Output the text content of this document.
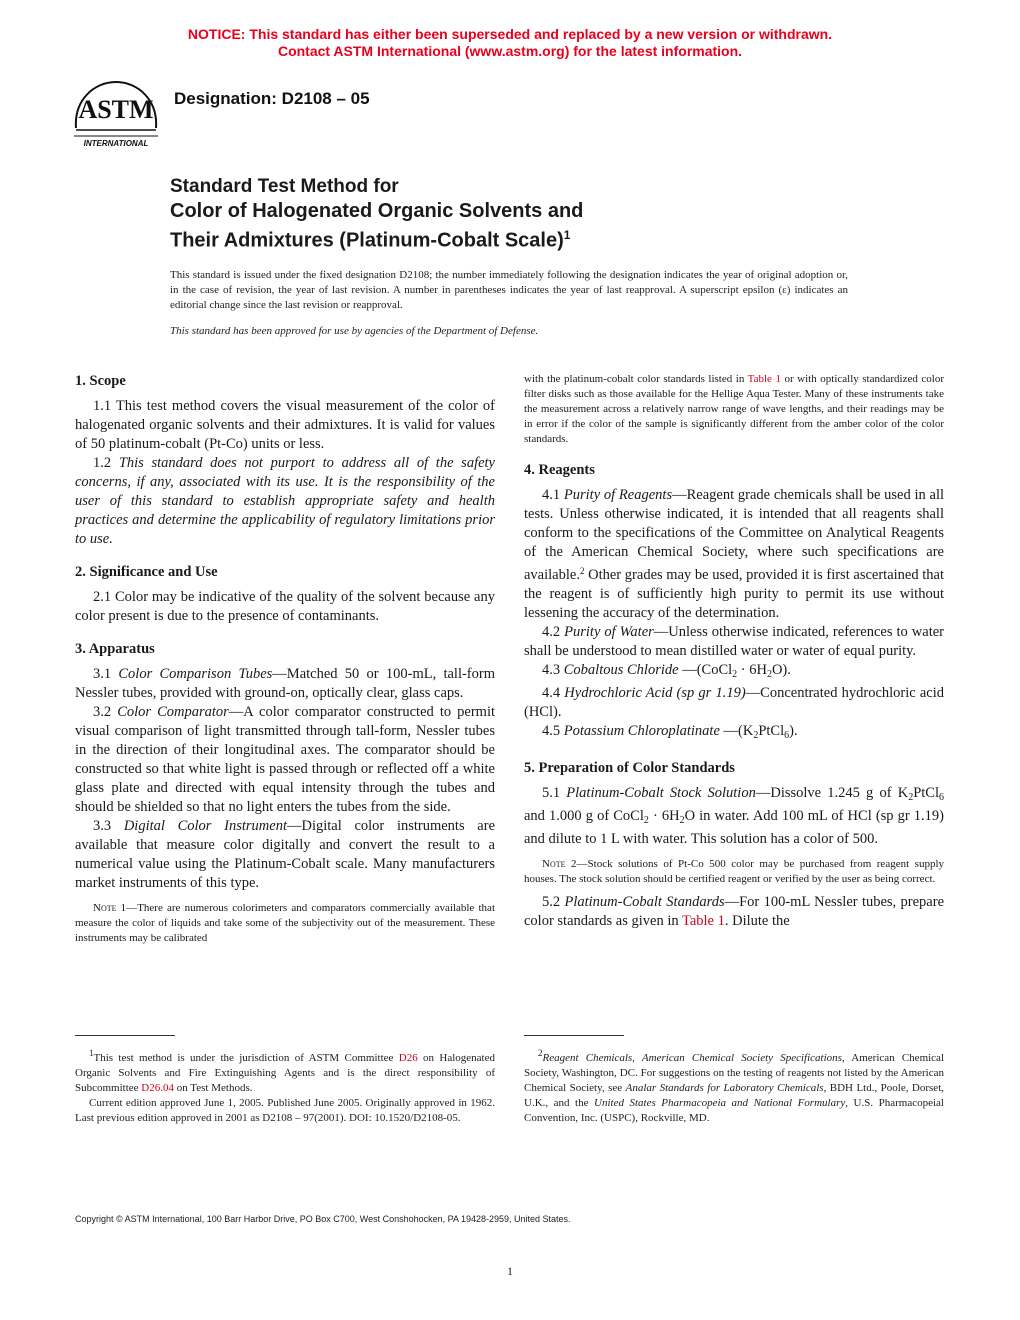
NOTICE: This standard has either been superseded and replaced by a new version or withdrawn.
Contact ASTM International (www.astm.org) for the latest information.
ASTM
INTERNATIONAL
Designation: D2108 – 05
Standard Test Method for
Color of Halogenated Organic Solvents and
Their Admixtures (Platinum-Cobalt Scale)$^1$
This standard is issued under the fixed designation D2108; the number immediately following the designation indicates the year of original adoption or, in the case of revision, the year of last revision. A number in parentheses indicates the year of last reapproval. A superscript epsilon (ε) indicates an editorial change since the last revision or reapproval.
This standard has been approved for use by agencies of the Department of Defense.
1. Scope

1.1 This test method covers the visual measurement of the color of halogenated organic solvents and their admixtures. It is valid for values of 50 platinum-cobalt (Pt-Co) units or less.

1.2 This standard does not purport to address all of the safety concerns, if any, associated with its use. It is the responsibility of the user of this standard to establish appropriate safety and health practices and determine the applicability of regulatory limitations prior to use.

2. Significance and Use

2.1 Color may be indicative of the quality of the solvent because any color present is due to the presence of contaminants.

3. Apparatus

3.1 Color Comparison Tubes—Matched 50 or 100-mL, tall-form Nessler tubes, provided with ground-on, optically clear, glass caps.

3.2 Color Comparator—A color comparator constructed to permit visual comparison of light transmitted through tall-form, Nessler tubes in the direction of their longitudinal axes. The comparator should be constructed so that white light is passed through or reflected off a white glass plate and directed with equal intensity through the tubes and should be shielded so that no light enters the tubes from the side.

3.3 Digital Color Instrument—Digital color instruments are available that measure color digitally and convert the result to a numerical value using the Platinum-Cobalt scale. Many manufacturers market instruments of this type.

Note 1—There are numerous colorimeters and comparators commercially available that measure the color of liquids and take some of the subjectivity out of the measurement. These instruments may be calibrated

with the platinum-cobalt color standards listed in Table 1 or with optically standardized color filter disks such as those available for the Hellige Aqua Tester. Many of these instruments take the measurement across a relatively narrow range of wave lengths, and their readings may be in error if the color of the sample is significantly different from the amber color of the color standards.

4. Reagents

4.1 Purity of Reagents—Reagent grade chemicals shall be used in all tests. Unless otherwise indicated, it is intended that all reagents shall conform to the specifications of the Committee on Analytical Reagents of the American Chemical Society, where such specifications are available.$^2$ Other grades may be used, provided it is first ascertained that the reagent is of sufficiently high purity to permit its use without lessening the accuracy of the determination.

4.2 Purity of Water—Unless otherwise indicated, references to water shall be understood to mean distilled water or water of equal purity.

4.3 Cobaltous Chloride —(CoCl$_2$ · $6H_2O$).

4.4 Hydrochloric Acid (sp gr 1.19)—Concentrated hydrochloric acid (HCl).

4.5 Potassium Chloroplatinate $—(K_2PtCl_6)$.

5. Preparation of Color Standards

5.1 Platinum-Cobalt Stock Solution—Dissolve 1.245 g of $K_2PtCl_6$ and 1.000 g of CoCl$_2$ · $6H_2O$ in water. Add 100 mL of HCl (sp gr 1.19) and dilute to 1 L with water. This solution has a color of 500.

Note 2—Stock solutions of Pt-Co 500 color may be purchased from reagent supply houses. The stock solution should be certified reagent or verified by the user as being correct.

5.2 Platinum-Cobalt Standards—For 100-mL Nessler tubes, prepare color standards as given in Table 1. Dilute the

$^1$This test method is under the jurisdiction of ASTM Committee D26 on Halogenated Organic Solvents and Fire Extinguishing Agents and is the direct responsibility of Subcommittee D26.04 on Test Methods.

Current edition approved June 1, 2005. Published June 2005. Originally approved in 1962. Last previous edition approved in 2001 as D2108 – 97(2001). DOI: 10.1520/D2108-05.

$^2$Reagent Chemicals, American Chemical Society Specifications, American Chemical Society, Washington, DC. For suggestions on the testing of reagents not listed by the American Chemical Society, see Analar Standards for Laboratory Chemicals, BDH Ltd., Poole, Dorset, U.K., and the United States Pharmacopeia and National Formulary, U.S. Pharmacopeial Convention, Inc. (USPC), Rockville, MD.

Copyright © ASTM International, 100 Barr Harbor Drive, PO Box C700, West Conshohocken, PA 19428-2959, United States.
1
